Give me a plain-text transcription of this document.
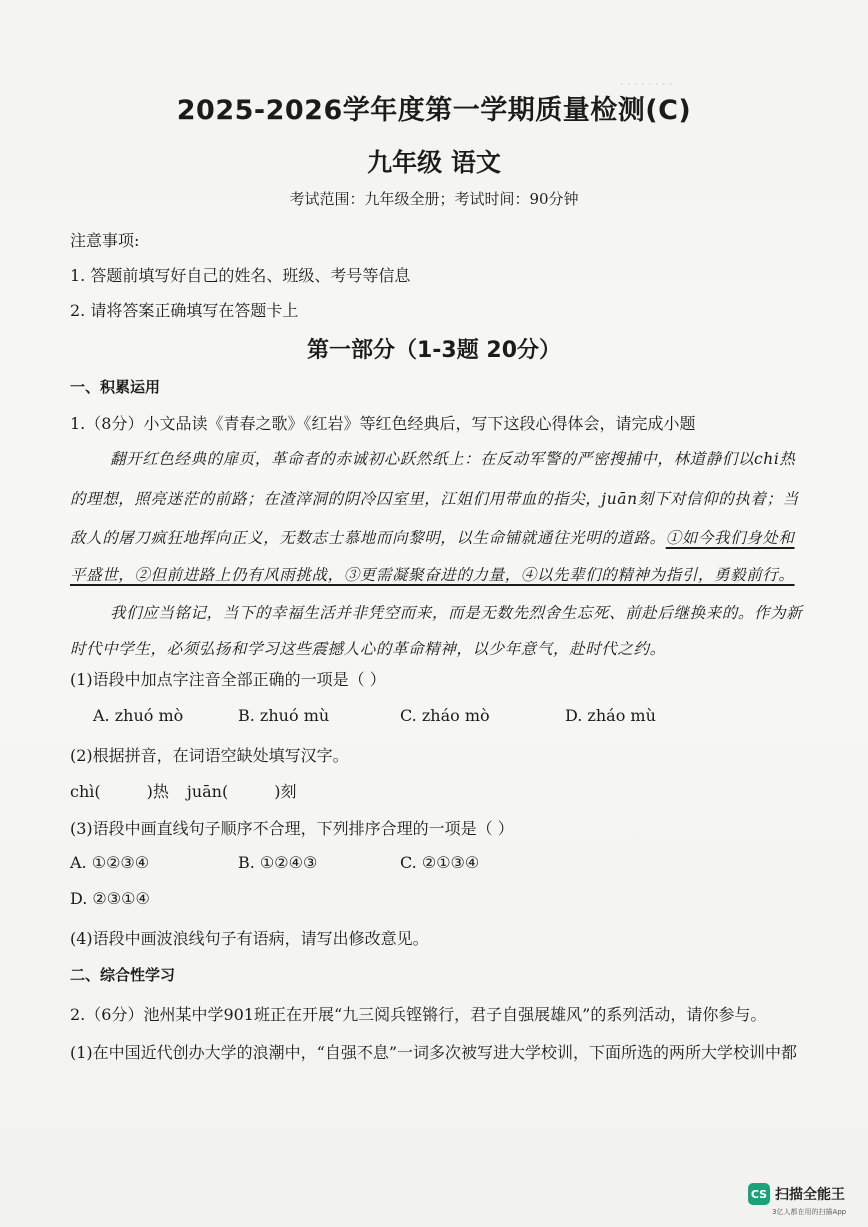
· · · · · · · ·
2025-2026学年度第一学期质量检测(C)
九年级 语文
考试范围：九年级全册；考试时间：90分钟
注意事项:
1. 答题前填写好自己的姓名、班级、考号等信息
2. 请将答案正确填写在答题卡上
第一部分（1-3题 20分）
一、积累运用
1.（8分）小文品读《青春之歌》《红岩》等红色经典后，写下这段心得体会，请完成小题
翻开红色经典的扉页，革命者的赤诚初心跃然纸上：在反动军警的严密搜捕中，林道静们以chi热
的理想，照亮迷茫的前路；在渣滓洞的阴冷囚室里，江姐们用带血的指尖，juān刻下对信仰的执着；当
敌人的屠刀疯狂地挥向正义，无数志士慕地而向黎明，以生命铺就通往光明的道路。①如今我们身处和
平盛世，②但前进路上仍有风雨挑战，③更需凝聚奋进的力量，④以先辈们的精神为指引，勇毅前行。
我们应当铭记，当下的幸福生活并非凭空而来，而是无数先烈舍生忘死、前赴后继换来的。作为新
时代中学生，必须弘扬和学习这些震撼人心的革命精神，以少年意气，赴时代之约。
(1)语段中加点字注音全部正确的一项是（ ）
A. zhuó mò	B. zhuó mù	C. zháo mò	D. zháo mù
(2)根据拼音，在词语空缺处填写汉字。
chì(	)热 juān(	)刻
(3)语段中画直线句子顺序不合理，下列排序合理的一项是（ ）
A. ①②③④	B. ①②④③	C. ②①③④
D. ②③①④
(4)语段中画波浪线句子有语病，请写出修改意见。
二、综合性学习
2.（6分）池州某中学901班正在开展“九三阅兵铿锵行，君子自强展雄风”的系列活动，请你参与。
(1)在中国近代创办大学的浪潮中，“自强不息”一词多次被写进大学校训，下面所选的两所大学校训中都
CS 扫描全能王
3亿人都在用的扫描App
